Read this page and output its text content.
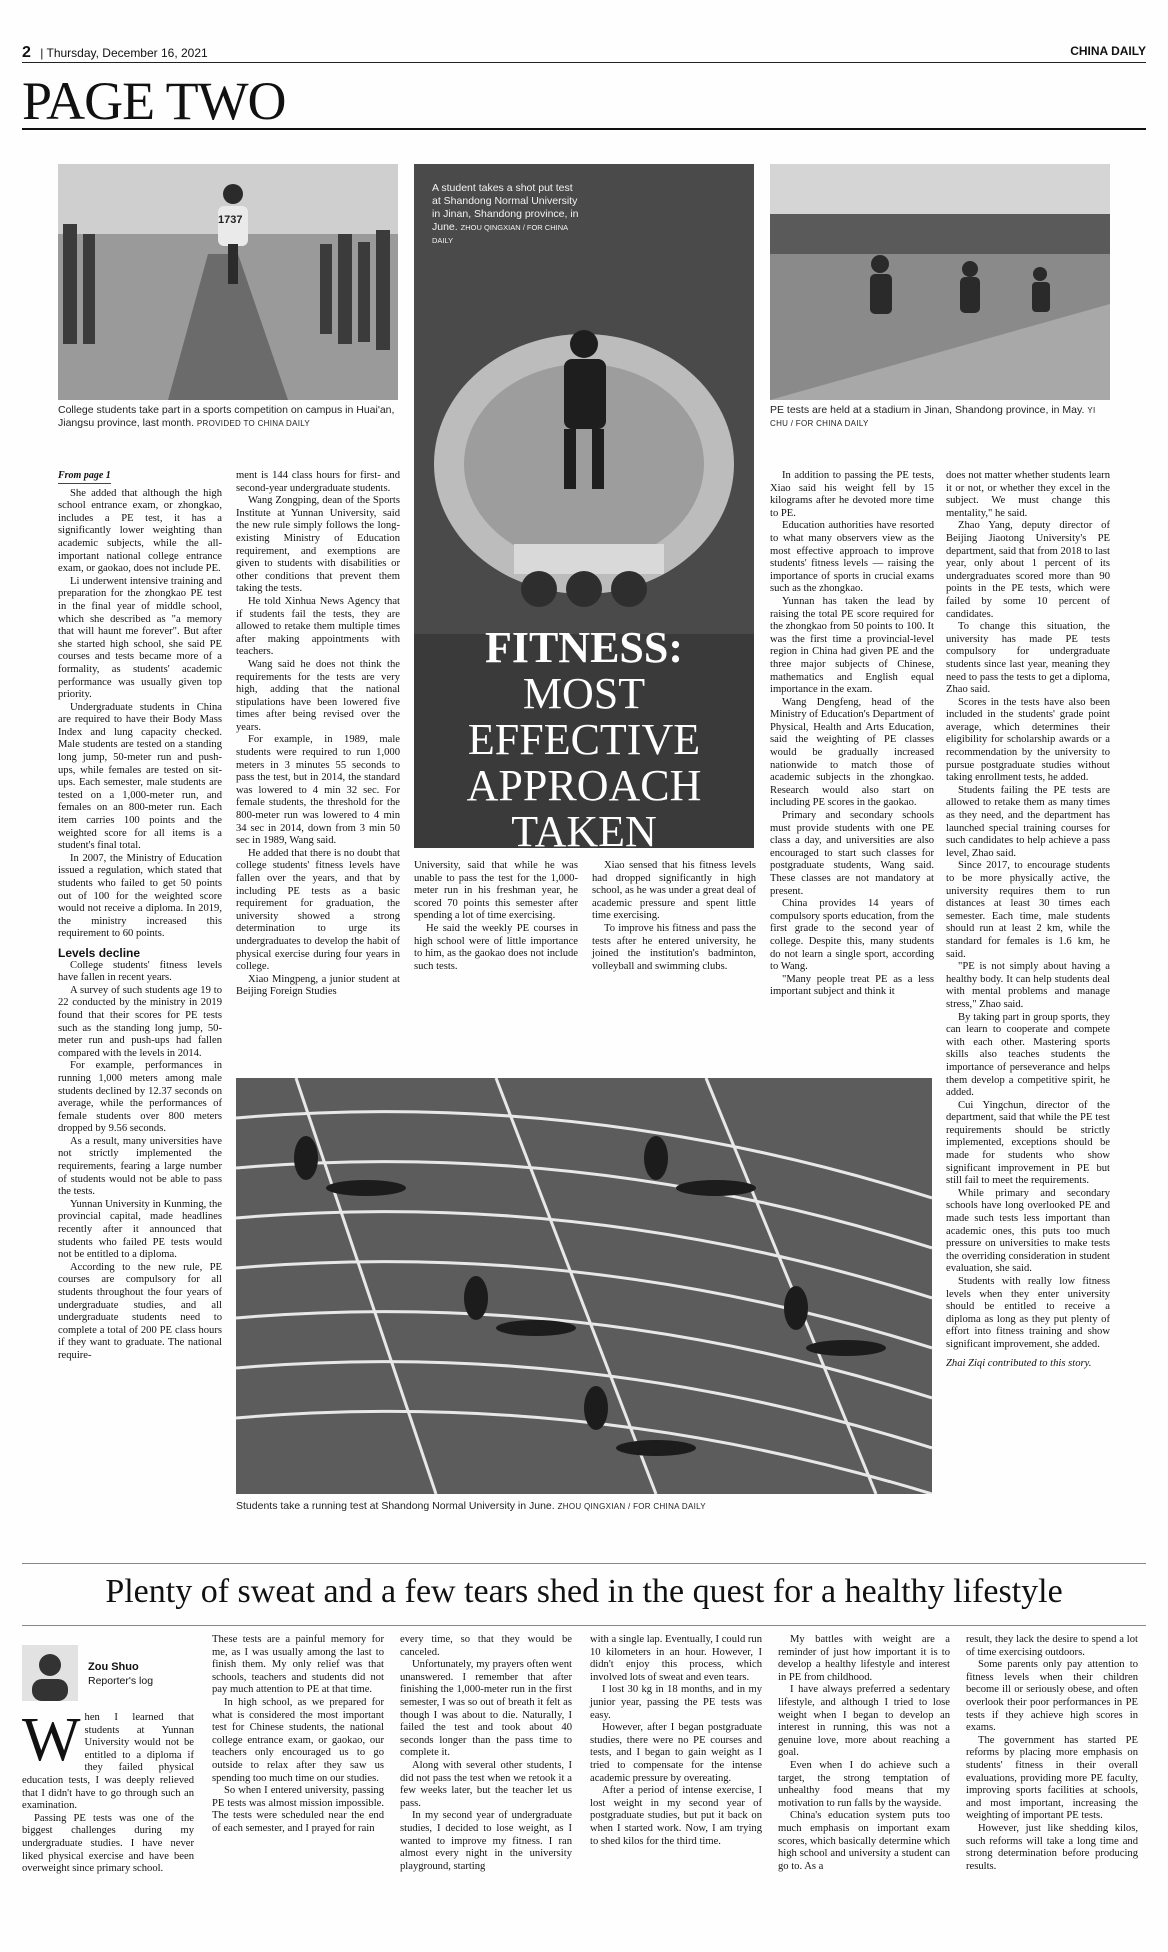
2 | Thursday, December 16, 2021	CHINA DAILY
PAGE TWO
1737
College students take part in a sports competition on campus in Huai'an, Jiangsu province, last month. PROVIDED TO CHINA DAILY
A student takes a shot put test at Shandong Normal University in Jinan, Shandong province, in June. ZHOU QINGXIAN / FOR CHINA DAILY
FITNESS:
MOST
EFFECTIVE
APPROACH
TAKEN
PE tests are held at a stadium in Jinan, Shandong province, in May. YI CHU / FOR CHINA DAILY

From page 1

She added that although the high school entrance exam, or zhongkao, includes a PE test, it has a significantly lower weighting than academic subjects, while the all-important national college entrance exam, or gaokao, does not include PE.

Li underwent intensive training and preparation for the zhongkao PE test in the final year of middle school, which she described as "a memory that will haunt me forever". But after she started high school, she said PE courses and tests became more of a formality, as students' academic performance was usually given top priority.

Undergraduate students in China are required to have their Body Mass Index and lung capacity checked. Male students are tested on a standing long jump, 50-meter run and push-ups, while females are tested on sit-ups. Each semester, male students are tested on a 1,000-meter run, and females on an 800-meter run. Each item carries 100 points and the weighted score for all items is a student's final total.

In 2007, the Ministry of Education issued a regulation, which stated that students who failed to get 50 points out of 100 for the weighted score would not receive a diploma. In 2019, the ministry increased this requirement to 60 points.

Levels decline

College students' fitness levels have fallen in recent years.

A survey of such students age 19 to 22 conducted by the ministry in 2019 found that their scores for PE tests such as the standing long jump, 50-meter run and push-ups had fallen compared with the levels in 2014.

For example, performances in running 1,000 meters among male students declined by 12.37 seconds on average, while the performances of female students over 800 meters dropped by 9.56 seconds.

As a result, many universities have not strictly implemented the requirements, fearing a large number of students would not be able to pass the tests.

Yunnan University in Kunming, the provincial capital, made headlines recently after it announced that students who failed PE tests would not be entitled to a diploma.

According to the new rule, PE courses are compulsory for all students throughout the four years of undergraduate studies, and all undergraduate students need to complete a total of 200 PE class hours if they want to graduate. The national require-

ment is 144 class hours for first- and second-year undergraduate students.

Wang Zongping, dean of the Sports Institute at Yunnan University, said the new rule simply follows the long-existing Ministry of Education requirement, and exemptions are given to students with disabilities or other conditions that prevent them taking the tests.

He told Xinhua News Agency that if students fail the tests, they are allowed to retake them multiple times after making appointments with teachers.

Wang said he does not think the requirements for the tests are very high, adding that the national stipulations have been lowered five times after being revised over the years.

For example, in 1989, male students were required to run 1,000 meters in 3 minutes 55 seconds to pass the test, but in 2014, the standard was lowered to 4 min 32 sec. For female students, the threshold for the 800-meter run was lowered to 4 min 34 sec in 2014, down from 3 min 50 sec in 1989, Wang said.

He added that there is no doubt that college students' fitness levels have fallen over the years, and that by including PE tests as a basic requirement for graduation, the university showed a strong determination to urge its undergraduates to develop the habit of physical exercise during four years in college.

Xiao Mingpeng, a junior student at Beijing Foreign Studies

University, said that while he was unable to pass the test for the 1,000-meter run in his freshman year, he scored 70 points this semester after spending a lot of time exercising.

He said the weekly PE courses in high school were of little importance to him, as the gaokao does not include such tests.

Xiao sensed that his fitness levels had dropped significantly in high school, as he was under a great deal of academic pressure and spent little time exercising.

To improve his fitness and pass the tests after he entered university, he joined the institution's badminton, volleyball and swimming clubs.

In addition to passing the PE tests, Xiao said his weight fell by 15 kilograms after he devoted more time to PE.

Education authorities have resorted to what many observers view as the most effective approach to improve students' fitness levels — raising the importance of sports in crucial exams such as the zhongkao.

Yunnan has taken the lead by raising the total PE score required for the zhongkao from 50 points to 100. It was the first time a provincial-level region in China had given PE and the three major subjects of Chinese, mathematics and English equal importance in the exam.

Wang Dengfeng, head of the Ministry of Education's Department of Physical, Health and Arts Education, said the weighting of PE classes would be gradually increased nationwide to match those of academic subjects in the zhongkao. Research would also start on including PE scores in the gaokao.

Primary and secondary schools must provide students with one PE class a day, and universities are also encouraged to start such classes for postgraduate students, Wang said. These classes are not mandatory at present.

China provides 14 years of compulsory sports education, from the first grade to the second year of college. Despite this, many students do not learn a single sport, according to Wang.

"Many people treat PE as a less important subject and think it

does not matter whether students learn it or not, or whether they excel in the subject. We must change this mentality," he said.

Zhao Yang, deputy director of Beijing Jiaotong University's PE department, said that from 2018 to last year, only about 1 percent of its undergraduates scored more than 90 points in the PE tests, which were failed by some 10 percent of candidates.

To change this situation, the university has made PE tests compulsory for undergraduate students since last year, meaning they need to pass the tests to get a diploma, Zhao said.

Scores in the tests have also been included in the students' grade point average, which determines their eligibility for scholarship awards or a recommendation by the university to pursue postgraduate studies without taking enrollment tests, he added.

Students failing the PE tests are allowed to retake them as many times as they need, and the department has launched special training courses for such candidates to help achieve a pass level, Zhao said.

Since 2017, to encourage students to be more physically active, the university requires them to run distances at least 30 times each semester. Each time, male students should run at least 2 km, while the standard for females is 1.6 km, he said.

"PE is not simply about having a healthy body. It can help students deal with mental problems and manage stress," Zhao said.

By taking part in group sports, they can learn to cooperate and compete with each other. Mastering sports skills also teaches students the importance of perseverance and helps them develop a competitive spirit, he added.

Cui Yingchun, director of the department, said that while the PE test requirements should be strictly implemented, exceptions should be made for students who show significant improvement in PE but still fail to meet the requirements.

While primary and secondary schools have long overlooked PE and made such tests less important than academic ones, this puts too much pressure on universities to make tests the overriding consideration in student evaluation, she said.

Students with really low fitness levels when they enter university should be entitled to receive a diploma as long as they put plenty of effort into fitness training and show significant improvement, she added.

Zhai Ziqi contributed to this story.

Students take a running test at Shandong Normal University in June. ZHOU QINGXIAN / FOR CHINA DAILY
Plenty of sweat and a few tears shed in the quest for a healthy lifestyle
Zou Shuo
Reporter's log

When I learned that students at Yunnan University would not be entitled to a diploma if they failed physical education tests, I was deeply relieved that I didn't have to go through such an examination.

Passing PE tests was one of the biggest challenges during my undergraduate studies. I have never liked physical exercise and have been overweight since primary school.

These tests are a painful memory for me, as I was usually among the last to finish them. My only relief was that schools, teachers and students did not pay much attention to PE at that time.

In high school, as we prepared for what is considered the most important test for Chinese students, the national college entrance exam, or gaokao, our teachers only encouraged us to go outside to relax after they saw us spending too much time on our studies.

So when I entered university, passing PE tests was almost mission impossible. The tests were scheduled near the end of each semester, and I prayed for rain

every time, so that they would be canceled.

Unfortunately, my prayers often went unanswered. I remember that after finishing the 1,000-meter run in the first semester, I was so out of breath it felt as though I was about to die. Naturally, I failed the test and took about 40 seconds longer than the pass time to complete it.

Along with several other students, I did not pass the test when we retook it a few weeks later, but the teacher let us pass.

In my second year of undergraduate studies, I decided to lose weight, as I wanted to improve my fitness. I ran almost every night in the university playground, starting

with a single lap. Eventually, I could run 10 kilometers in an hour. However, I didn't enjoy this process, which involved lots of sweat and even tears.

I lost 30 kg in 18 months, and in my junior year, passing the PE tests was easy.

However, after I began postgraduate studies, there were no PE courses and tests, and I began to gain weight as I tried to compensate for the intense academic pressure by overeating.

After a period of intense exercise, I lost weight in my second year of postgraduate studies, but put it back on when I started work. Now, I am trying to shed kilos for the third time.

My battles with weight are a reminder of just how important it is to develop a healthy lifestyle and interest in PE from childhood.

I have always preferred a sedentary lifestyle, and although I tried to lose weight when I began to develop an interest in running, this was not a genuine love, more about reaching a goal.

Even when I do achieve such a target, the strong temptation of unhealthy food means that my motivation to run falls by the wayside.

China's education system puts too much emphasis on important exam scores, which basically determine which high school and university a student can go to. As a

result, they lack the desire to spend a lot of time exercising outdoors.

Some parents only pay attention to fitness levels when their children become ill or seriously obese, and often overlook their poor performances in PE tests if they achieve high scores in exams.

The government has started PE reforms by placing more emphasis on students' fitness in their overall evaluations, providing more PE faculty, improving sports facilities at schools, and most important, increasing the weighting of important PE tests.

However, just like shedding kilos, such reforms will take a long time and strong determination before producing results.
